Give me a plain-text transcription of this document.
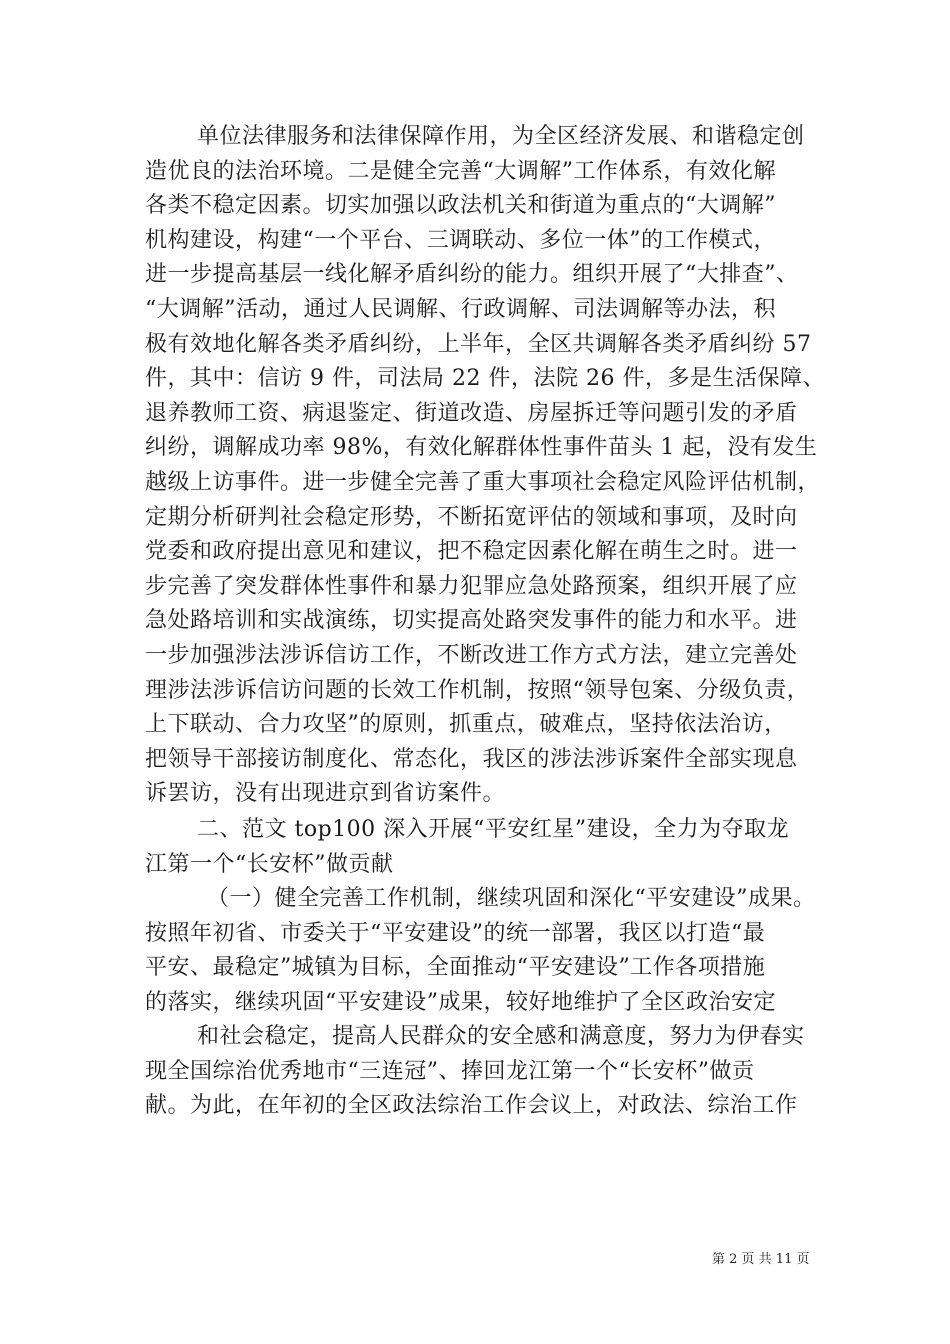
单位法律服务和法律保障作用，为全区经济发展、和谐稳定创
造优良的法治环境。二是健全完善“大调解”工作体系，有效化解
各类不稳定因素。切实加强以政法机关和街道为重点的“大调解”
机构建设，构建“一个平台、三调联动、多位一体”的工作模式，
进一步提高基层一线化解矛盾纠纷的能力。组织开展了“大排查”、
“大调解”活动，通过人民调解、行政调解、司法调解等办法，积
极有效地化解各类矛盾纠纷，上半年，全区共调解各类矛盾纠纷 57
件，其中：信访 9 件，司法局 22 件，法院 26 件，多是生活保障、
退养教师工资、病退鉴定、街道改造、房屋拆迁等问题引发的矛盾
纠纷，调解成功率 98%，有效化解群体性事件苗头 1 起，没有发生
越级上访事件。进一步健全完善了重大事项社会稳定风险评估机制，
定期分析研判社会稳定形势，不断拓宽评估的领域和事项，及时向
党委和政府提出意见和建议，把不稳定因素化解在萌生之时。进一
步完善了突发群体性事件和暴力犯罪应急处路预案，组织开展了应
急处路培训和实战演练，切实提高处路突发事件的能力和水平。进
一步加强涉法涉诉信访工作，不断改进工作方式方法，建立完善处
理涉法涉诉信访问题的长效工作机制，按照“领导包案、分级负责，
上下联动、合力攻坚”的原则，抓重点，破难点，坚持依法治访，
把领导干部接访制度化、常态化，我区的涉法涉诉案件全部实现息
诉罢访，没有出现进京到省访案件。
二、范文 top100 深入开展“平安红星”建设，全力为夺取龙
江第一个“长安杯”做贡献
（一）健全完善工作机制，继续巩固和深化“平安建设”成果。
按照年初省、市委关于“平安建设”的统一部署，我区以打造“最
平安、最稳定”城镇为目标，全面推动“平安建设”工作各项措施
的落实，继续巩固“平安建设”成果，较好地维护了全区政治安定
和社会稳定，提高人民群众的安全感和满意度，努力为伊春实
现全国综治优秀地市“三连冠”、捧回龙江第一个“长安杯”做贡
献。为此，在年初的全区政法综治工作会议上，对政法、综治工作
第 2 页 共 11 页
